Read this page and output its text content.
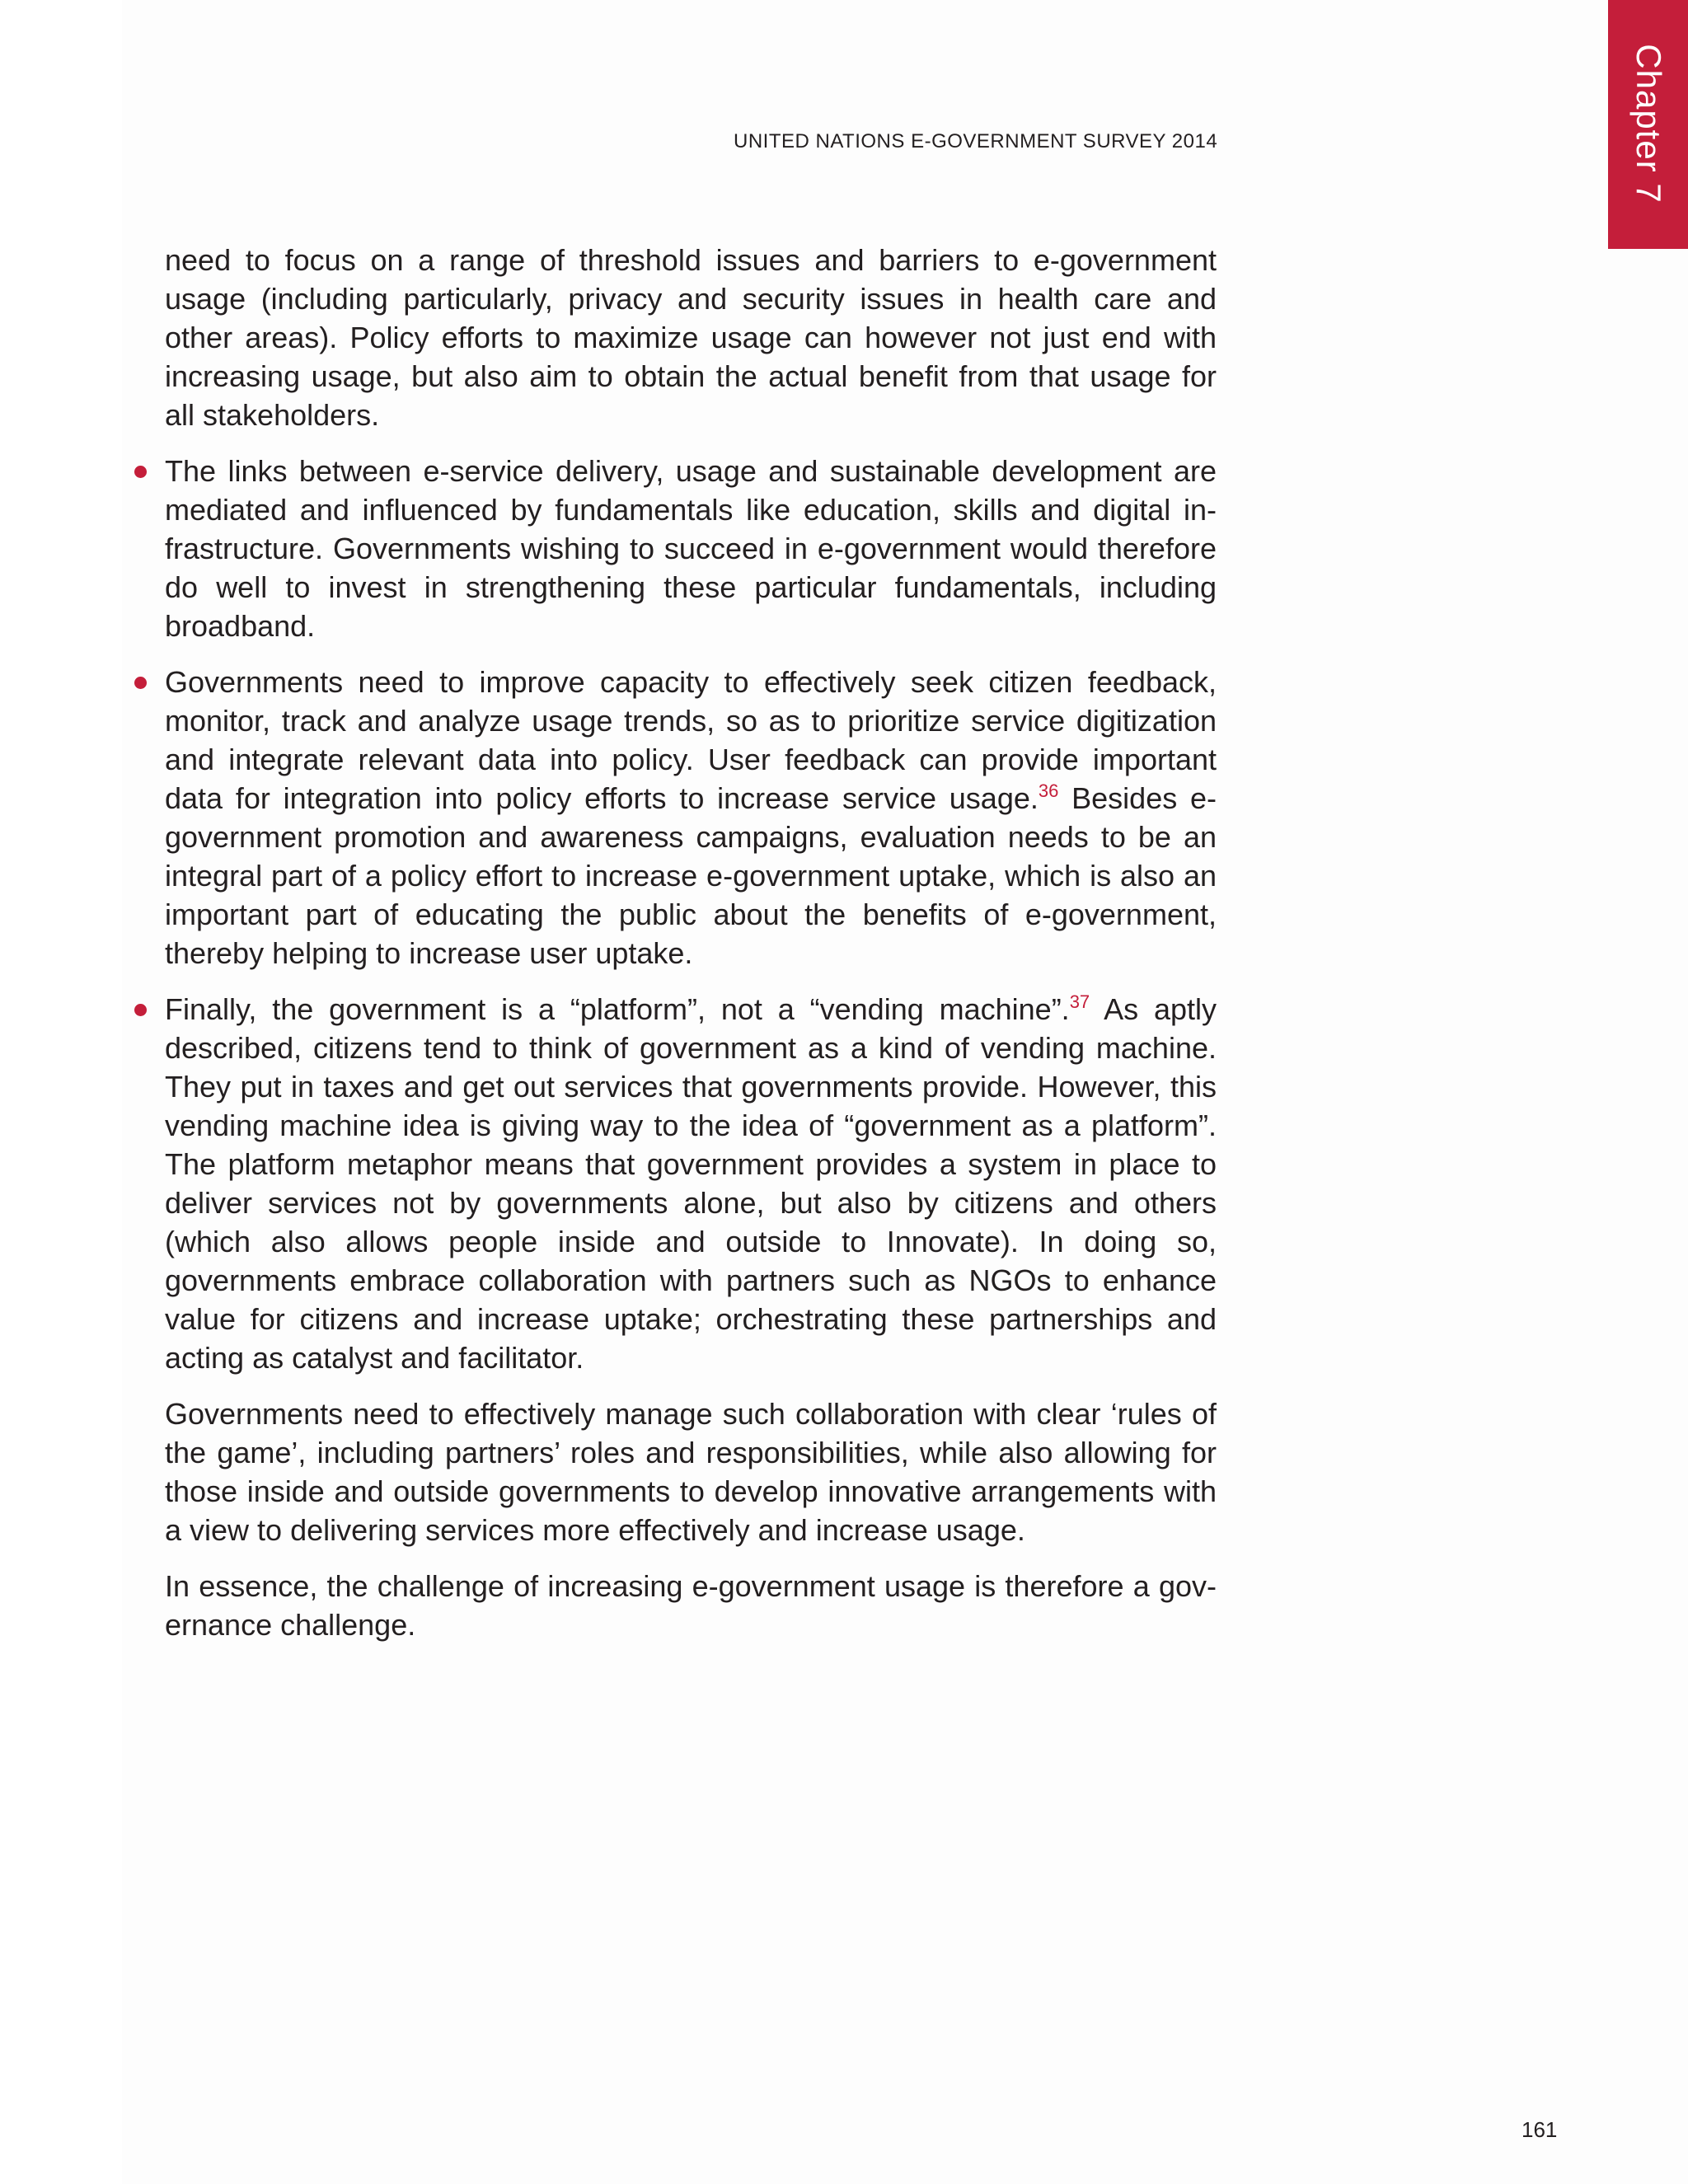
UNITED NATIONS E-GOVERNMENT SURVEY 2014	Chapter 7

need to focus on a range of threshold issues and barriers to e-government usage (including particularly, privacy and security issues in health care and other areas). Policy efforts to maximize usage can however not just end with increasing usage, but also aim to obtain the actual benefit from that usage for all stakeholders.

The links between e-service delivery, usage and sustainable development are mediated and influenced by fundamentals like education, skills and digital infrastructure. Governments wishing to succeed in e-government would therefore do well to invest in strengthening these particular fundamentals, including broadband.

Governments need to improve capacity to effectively seek citizen feedback, monitor, track and analyze usage trends, so as to prioritize service digitization and integrate relevant data into policy. User feedback can provide important data for integration into policy efforts to increase service usage.$^{36}$ Besides e-government promotion and awareness campaigns, evaluation needs to be an integral part of a policy effort to increase e-government uptake, which is also an important part of educating the public about the benefits of e-government, thereby helping to increase user uptake.

Finally, the government is a “platform”, not a “vending machine”.$^{37}$ As aptly described, citizens tend to think of government as a kind of vending machine. They put in taxes and get out services that governments provide. However, this vending machine idea is giving way to the idea of “government as a platform”. The platform metaphor means that government provides a system in place to deliver services not by governments alone, but also by citizens and others (which also allows people inside and outside to Innovate). In doing so, governments embrace collaboration with partners such as NGOs to enhance value for citizens and increase uptake; orchestrating these partnerships and acting as catalyst and facilitator.

Governments need to effectively manage such collaboration with clear ‘rules of the game’, including partners’ roles and responsibilities, while also allowing for those inside and outside governments to develop innovative arrangements with a view to delivering services more effectively and increase usage.

In essence, the challenge of increasing e-government usage is therefore a governance challenge.

161
